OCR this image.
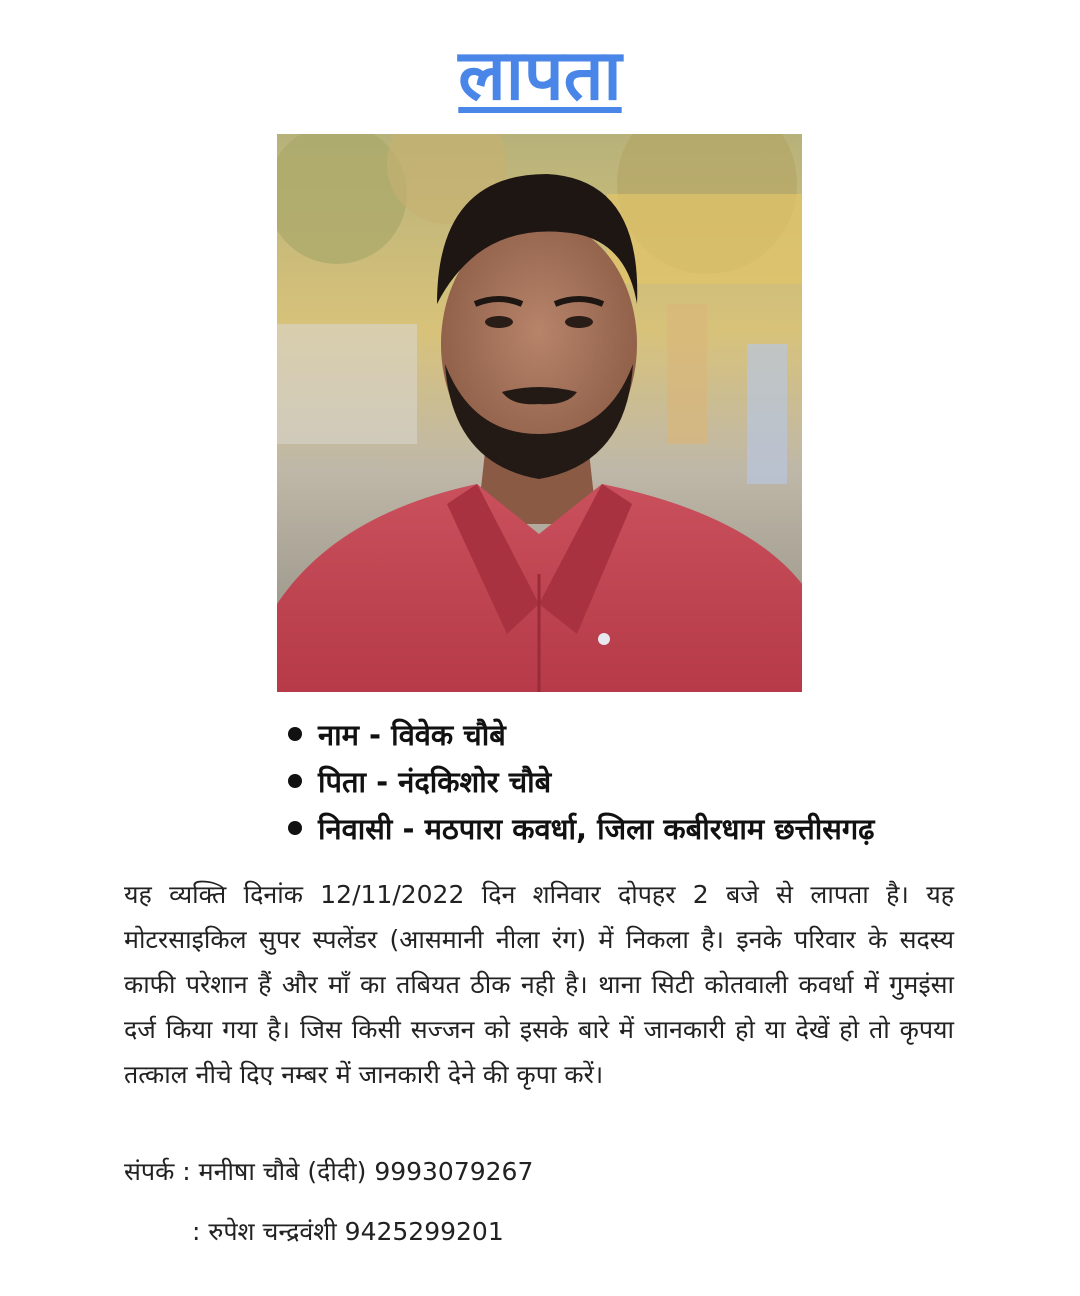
लापता
नाम - विवेक चौबे
पिता - नंदकिशोर चौबे
निवासी - मठपारा कवर्धा, जिला कबीरधाम छत्तीसगढ़

यह व्यक्ति दिनांक 12/11/2022 दिन शनिवार दोपहर 2 बजे से लापता है। यह मोटरसाइकिल सुपर स्पलेंडर (आसमानी नीला रंग) में निकला है। इनके परिवार के सदस्य काफी परेशान हैं और माँ का तबियत ठीक नही है। थाना सिटी कोतवाली कवर्धा में गुमइंसा दर्ज किया गया है। जिस किसी सज्जन को इसके बारे में जानकारी हो या देखें हो तो कृपया तत्काल नीचे दिए नम्बर में जानकारी देने की कृपा करें।

संपर्क : मनीषा चौबे (दीदी) 9993079267
: रुपेश चन्द्रवंशी 9425299201
